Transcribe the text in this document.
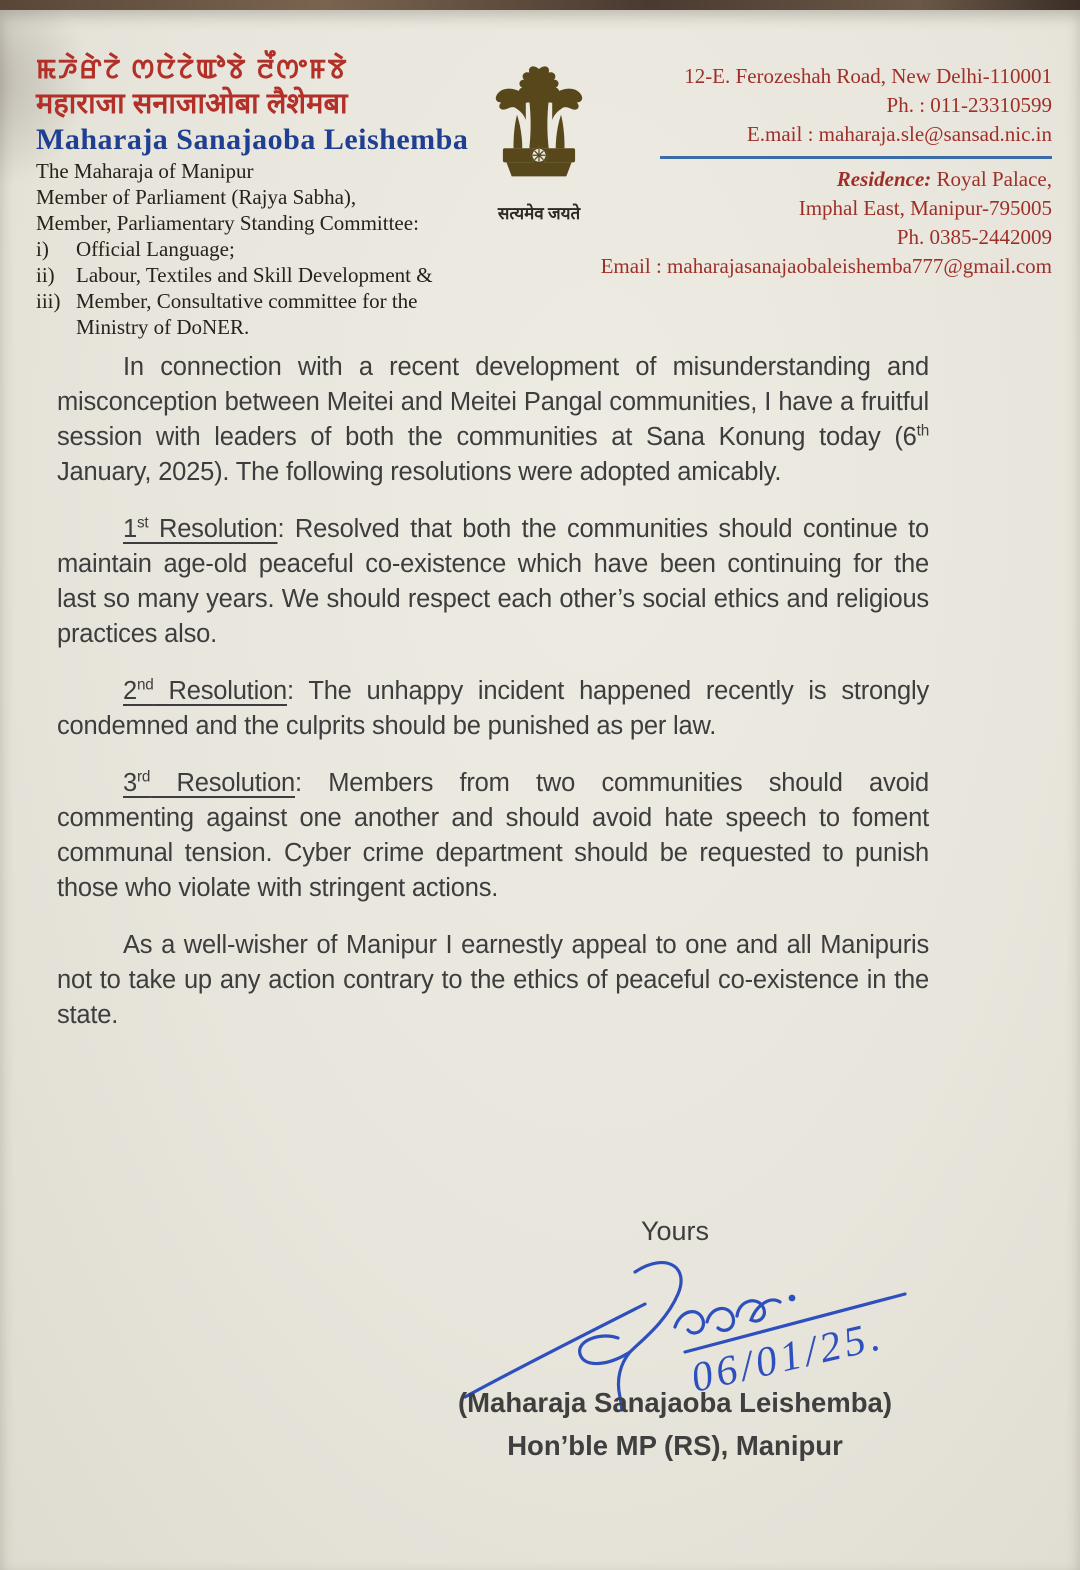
ꯃꯍꯥꯔꯥꯖꯥ ꯁꯅꯥꯖꯥꯑꯣꯕꯥ ꯂꯩꯁꯦꯝꯕꯥ
महाराजा सनाजाओबा लैशेमबा
Maharaja Sanajaoba Leishemba
The Maharaja of Manipur
Member of Parliament (Rajya Sabha),
Member, Parliamentary Standing Committee:
i) Official Language;
ii) Labour, Textiles and Skill Development &
iii) Member, Consultative committee for the Ministry of DoNER.
सत्यमेव जयते
12-E. Ferozeshah Road, New Delhi-110001
Ph. : 011-23310599
E.mail : maharaja.sle@sansad.nic.in
Residence: Royal Palace,
Imphal East, Manipur-795005
Ph. 0385-2442009
Email : maharajasanajaobaleishemba777@gmail.com

In connection with a recent development of misunderstanding and misconception between Meitei and Meitei Pangal communities, I have a fruitful session with leaders of both the communities at Sana Konung today (6th January, 2025). The following resolutions were adopted amicably.

1st Resolution: Resolved that both the communities should continue to maintain age-old peaceful co-existence which have been continuing for the last so many years. We should respect each other’s social ethics and religious practices also.

2nd Resolution: The unhappy incident happened recently is strongly condemned and the culprits should be punished as per law.

3rd Resolution: Members from two communities should avoid commenting against one another and should avoid hate speech to foment communal tension. Cyber crime department should be requested to punish those who violate with stringent actions.

As a well-wisher of Manipur I earnestly appeal to one and all Manipuris not to take up any action contrary to the ethics of peaceful co-existence in the state.

Yours
06/01/25.
(Maharaja Sanajaoba Leishemba)
Hon’ble MP (RS), Manipur
